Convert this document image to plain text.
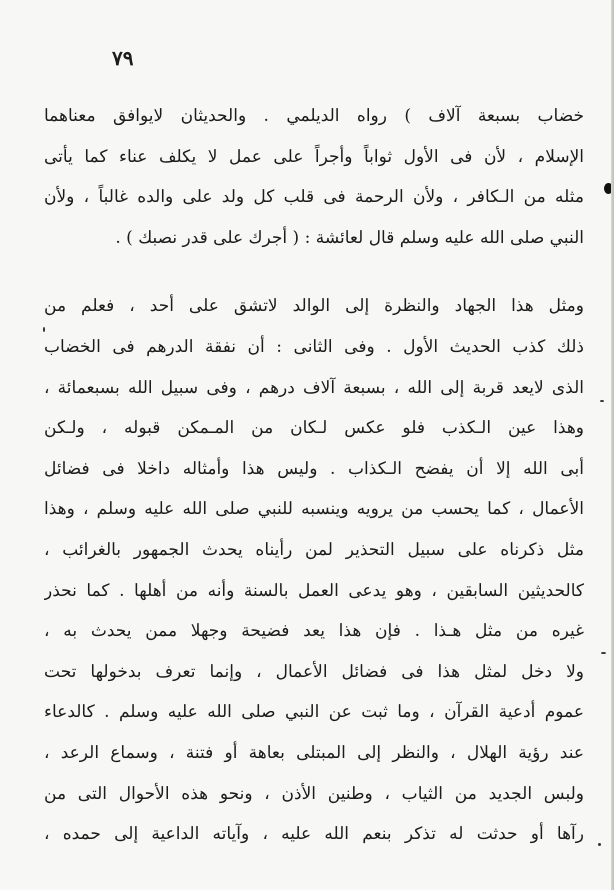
٧٩
خضاب بسبعة آلاف ) رواه الديلمي . والحديثان لايوافق معناهما
الإسلام ، لأن فى الأول ثواباً وأجراً على عمل لا يكلف عناء كما يأتى
مثله من الـكافر ، ولأن الرحمة فى قلب كل ولد على والده غالباً ، ولأن
النبي صلى الله عليه وسلم قال لعائشة : ( أجرك على قدر نصبك ) .
ومثل هذا الجهاد والنظرة إلى الوالد لاتشق على أحد ، فعلم من
ذلك كذب الحديث الأول . وفى الثانى : أن نفقة الدرهم فى الخضاب
الذى لايعد قربة إلى الله ، بسبعة آلاف درهم ، وفى سبيل الله بسبعمائة ،
وهذا عين الـكذب فلو عكس لـكان من المـمكن قبوله ، ولـكن
أبى الله إلا أن يفضح الـكذاب . وليس هذا وأمثاله داخلا فى فضائل
الأعمال ، كما يحسب من يرويه وينسبه للنبي صلى الله عليه وسلم ، وهذا
مثل ذكرناه على سبيل التحذير لمن رأيناه يحدث الجمهور بالغرائب ،
كالحديثين السابقين ، وهو يدعى العمل بالسنة وأنه من أهلها . كما نحذر
غيره من مثل هـذا . فإن هذا يعد فضيحة وجهلا ممن يحدث به ،
ولا دخل لمثل هذا فى فضائل الأعمال ، وإنما تعرف بدخولها تحت
عموم أدعية القرآن ، وما ثبت عن النبي صلى الله عليه وسلم . كالدعاء
عند رؤية الهلال ، والنظر إلى المبتلى بعاهة أو فتنة ، وسماع الرعد ،
ولبس الجديد من الثياب ، وطنين الأذن ، ونحو هذه الأحوال التى من
رآها أو حدثت له تذكر بنعم الله عليه ، وآياته الداعية إلى حمده ،
